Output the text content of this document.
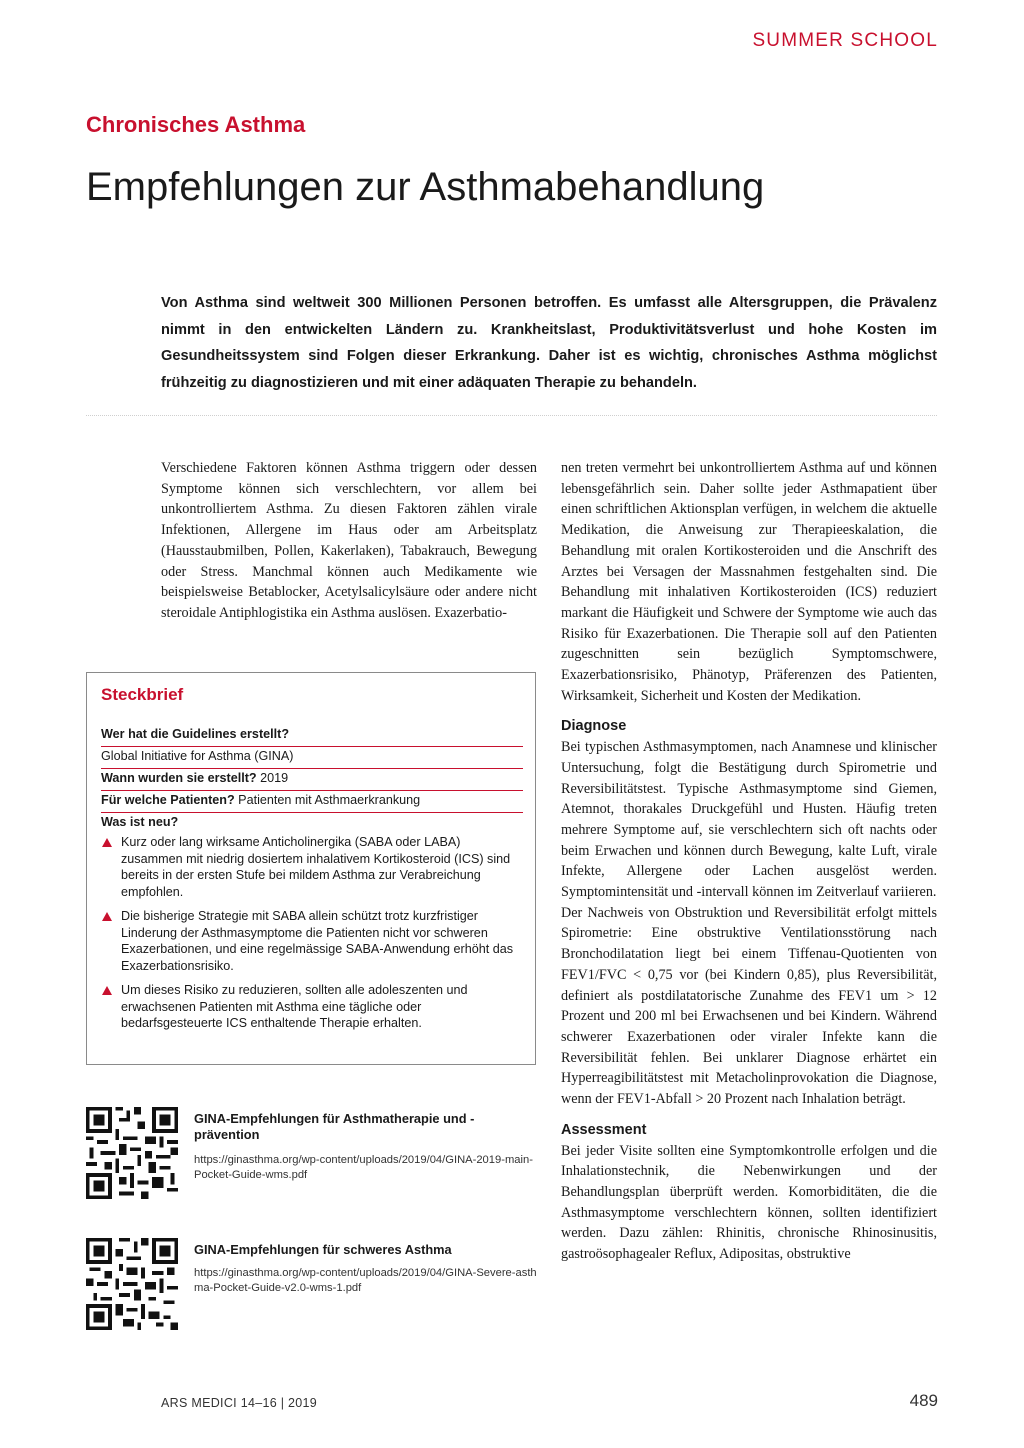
SUMMER SCHOOL
Chronisches Asthma
Empfehlungen zur Asthmabehandlung

Von Asthma sind weltweit 300 Millionen Personen betroffen. Es umfasst alle Altersgruppen, die Prävalenz nimmt in den entwickelten Ländern zu. Krankheitslast, Produktivitätsverlust und hohe Kosten im Gesundheitssystem sind Folgen dieser Erkrankung. Daher ist es wichtig, chronisches Asthma möglichst frühzeitig zu diagnostizieren und mit einer adäquaten Therapie zu behandeln.

Verschiedene Faktoren können Asthma triggern oder dessen Symptome können sich verschlechtern, vor allem bei unkontrolliertem Asthma. Zu diesen Faktoren zählen virale Infektionen, Allergene im Haus oder am Arbeitsplatz (Hausstaubmilben, Pollen, Kakerlaken), Tabakrauch, Bewegung oder Stress. Manchmal können auch Medikamente wie beispielsweise Betablocker, Acetylsalicylsäure oder andere nicht steroidale Antiphlogistika ein Asthma auslösen. Exazerbatio-

nen treten vermehrt bei unkontrolliertem Asthma auf und können lebensgefährlich sein. Daher sollte jeder Asthmapatient über einen schriftlichen Aktionsplan verfügen, in welchem die aktuelle Medikation, die Anweisung zur Therapieeskalation, die Behandlung mit oralen Kortikosteroiden und die Anschrift des Arztes bei Versagen der Massnahmen festgehalten sind. Die Behandlung mit inhalativen Kortikosteroiden (ICS) reduziert markant die Häufigkeit und Schwere der Symptome wie auch das Risiko für Exazerbationen. Die Therapie soll auf den Patienten zugeschnitten sein bezüglich Symptomschwere, Exazerbationsrisiko, Phänotyp, Präferenzen des Patienten, Wirksamkeit, Sicherheit und Kosten der Medikation.

Diagnose

Bei typischen Asthmasymptomen, nach Anamnese und klinischer Untersuchung, folgt die Bestätigung durch Spirometrie und Reversibilitätstest. Typische Asthmasymptome sind Giemen, Atemnot, thorakales Druckgefühl und Husten. Häufig treten mehrere Symptome auf, sie verschlechtern sich oft nachts oder beim Erwachen und können durch Bewegung, kalte Luft, virale Infekte, Allergene oder Lachen ausgelöst werden. Symptomintensität und -intervall können im Zeitverlauf variieren.

Der Nachweis von Obstruktion und Reversibilität erfolgt mittels Spirometrie: Eine obstruktive Ventilationsstörung nach Bronchodilatation liegt bei einem Tiffenau-Quotienten von FEV1/FVC < 0,75 vor (bei Kindern 0,85), plus Reversibilität, definiert als postdilatatorische Zunahme des FEV1 um > 12 Prozent und 200 ml bei Erwachsenen und bei Kindern. Während schwerer Exazerbationen oder viraler Infekte kann die Reversibilität fehlen. Bei unklarer Diagnose erhärtet ein Hyperreagibilitätstest mit Metacholinprovokation die Diagnose, wenn der FEV1-Abfall > 20 Prozent nach Inhalation beträgt.

Assessment

Bei jeder Visite sollten eine Symptomkontrolle erfolgen und die Inhalationstechnik, die Nebenwirkungen und der Behandlungsplan überprüft werden. Komorbiditäten, die die Asthmasymptome verschlechtern können, sollten identifiziert werden. Dazu zählen: Rhinitis, chronische Rhinosinusitis, gastroösophagealer Reflux, Adipositas, obstruktive

Steckbrief
Wer hat die Guidelines erstellt?
Global Initiative for Asthma (GINA)
Wann wurden sie erstellt? 2019
Für welche Patienten? Patienten mit Asthmaerkrankung
Was ist neu?
Kurz oder lang wirksame Anticholinergika (SABA oder LABA) zusammen mit niedrig dosiertem inhalativem Kortikosteroid (ICS) sind bereits in der ersten Stufe bei mildem Asthma zur Verabreichung empfohlen.
Die bisherige Strategie mit SABA allein schützt trotz kurzfristiger Linderung der Asthmasymptome die Patienten nicht vor schweren Exazerbationen, und eine regelmässige SABA-Anwendung erhöht das Exazerbationsrisiko.
Um dieses Risiko zu reduzieren, sollten alle adoleszenten und erwachsenen Patienten mit Asthma eine tägliche oder bedarfsgesteuerte ICS enthaltende Therapie erhalten.
GINA-Empfehlungen für Asthmatherapie und -prävention
https://ginasthma.org/wp-content/uploads/2019/04/GINA-2019-main-Pocket-Guide-wms.pdf
GINA-Empfehlungen für schweres Asthma
https://ginasthma.org/wp-content/uploads/2019/04/GINA-Severe-asthma-Pocket-Guide-v2.0-wms-1.pdf
ARS MEDICI 14–16 | 2019	489
